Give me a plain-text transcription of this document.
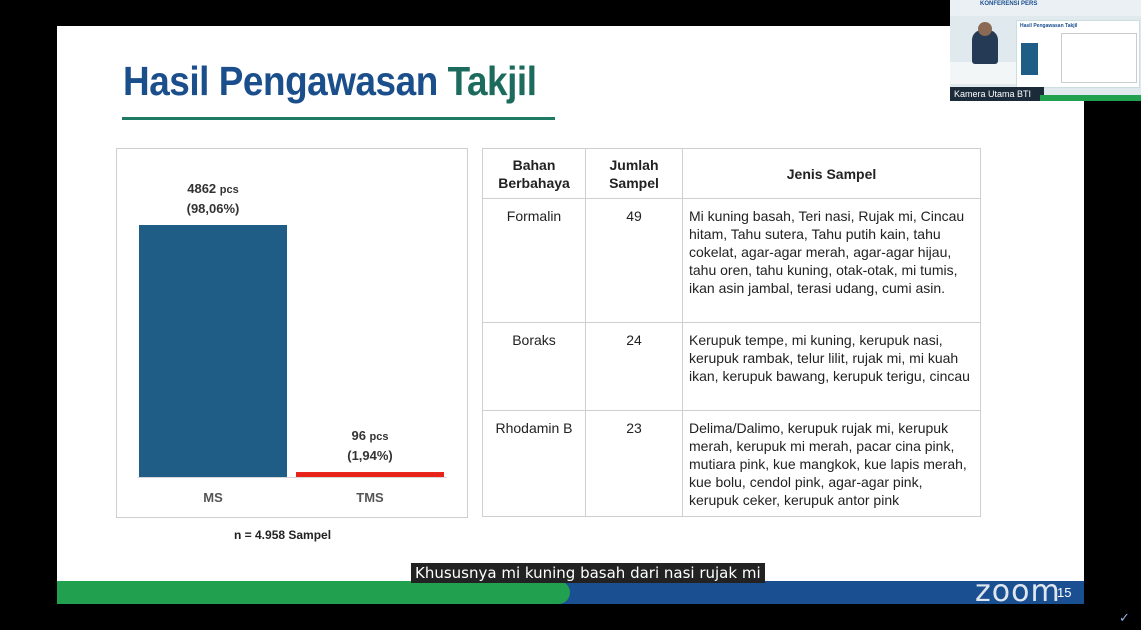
Hasil Pengawasan Takjil
4862 pcs
(98,06%)
MS
96 pcs
(1,94%)
TMS
n = 4.958 Sampel
Bahan Berbahaya	Jumlah Sampel	Jenis Sampel
Formalin	49	Mi kuning basah, Teri nasi, Rujak mi, Cincau hitam, Tahu sutera, Tahu putih kain, tahu cokelat, agar-agar merah, agar-agar hijau, tahu oren, tahu kuning, otak-otak, mi tumis, ikan asin jambal, terasi udang, cumi asin.
Boraks	24	Kerupuk tempe, mi kuning, kerupuk nasi, kerupuk rambak, telur lilit, rujak mi, mi kuah ikan, kerupuk bawang, kerupuk terigu, cincau
Rhodamin B	23	Delima/Dalimo, kerupuk rujak mi, kerupuk merah, kerupuk mi merah, pacar cina pink, mutiara pink, kue mangkok, kue lapis merah, kue bolu, cendol pink, agar-agar pink, kerupuk ceker, kerupuk antor pink
zoom
15
Khususnya mi kuning basah dari nasi rujak mi
KONFERENSI PERS
Hasil Pengawasan Takjil
Kamera Utama BTI
✓
